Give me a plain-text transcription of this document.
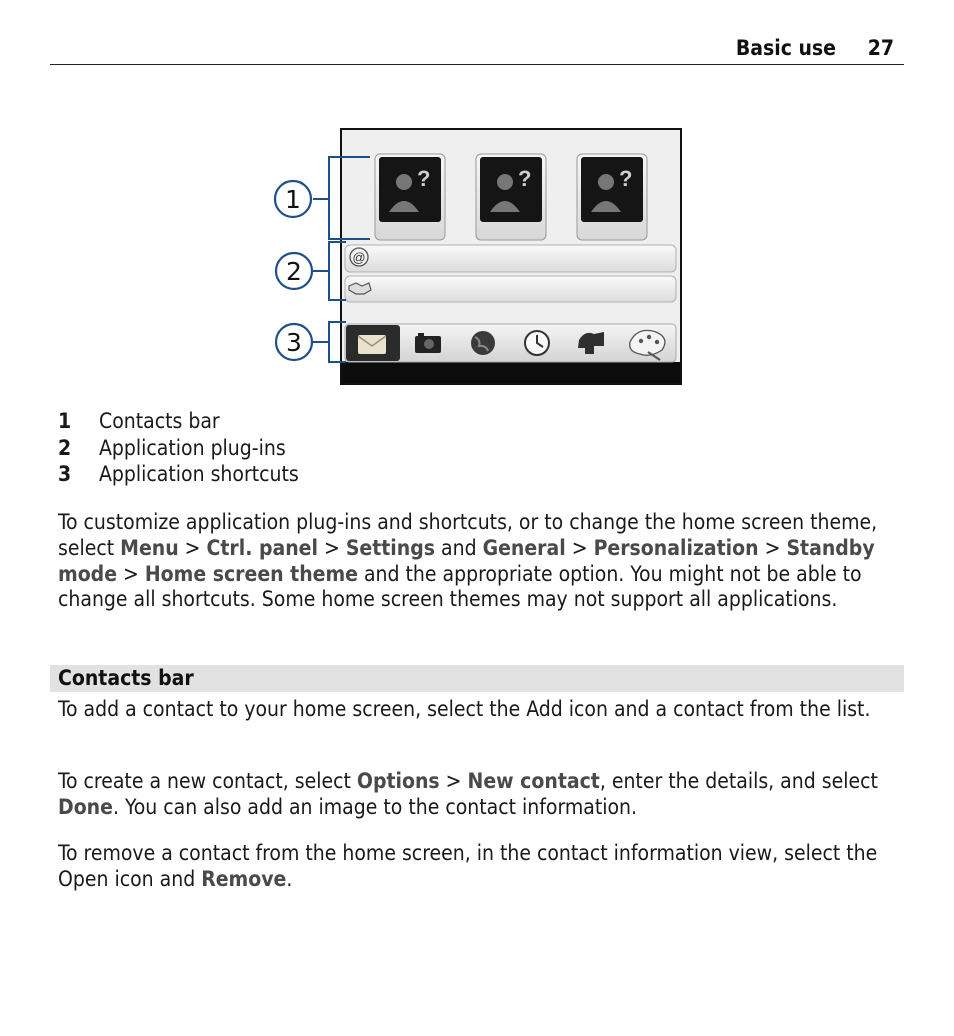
Basic use 27
?	?	?
@
1
2
3
1	Contacts bar
2	Application plug-ins
3	Application shortcuts

To customize application plug-ins and shortcuts, or to change the home screen theme, select Menu > Ctrl. panel > Settings and General > Personalization > Standby mode > Home screen theme and the appropriate option. You might not be able to change all shortcuts. Some home screen themes may not support all applications.

Contacts bar

To add a contact to your home screen, select the Add icon and a contact from the list.

To create a new contact, select Options > New contact, enter the details, and select Done. You can also add an image to the contact information.

To remove a contact from the home screen, in the contact information view, select the Open icon and Remove.
